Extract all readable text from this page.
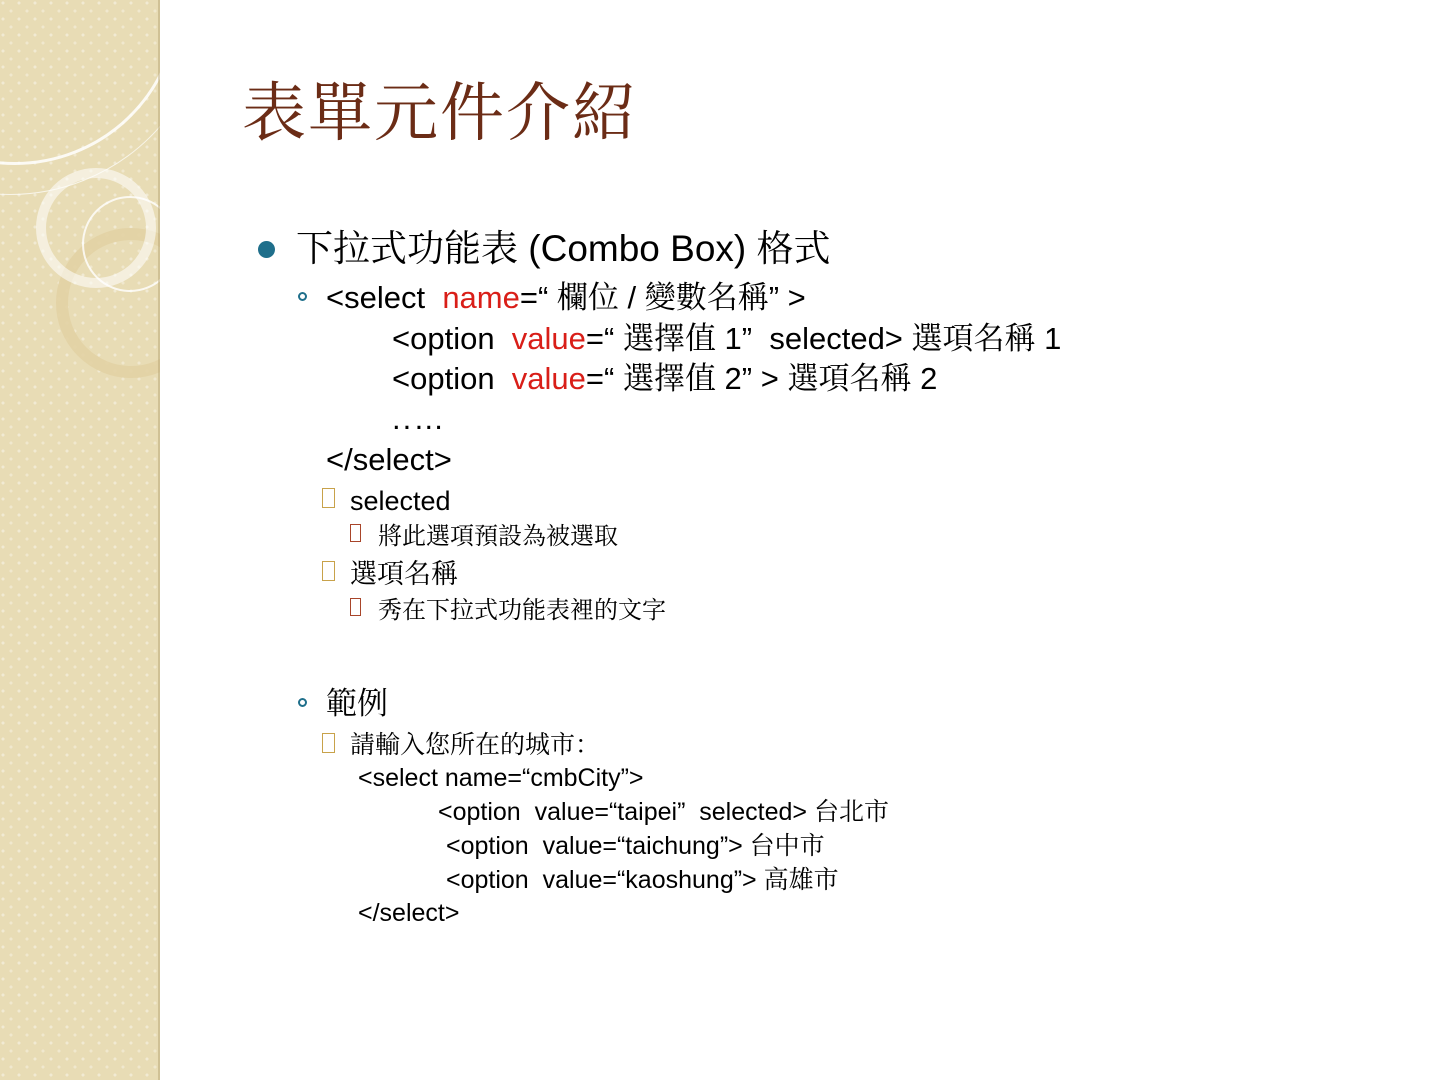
表單元件介紹
下拉式功能表 (Combo Box) 格式
<select  name=“ 欄位 / 變數名稱” >
<option  value=“ 選擇值 1”  selected> 選項名稱 1
<option  value=“ 選擇值 2” > 選項名稱 2
..…
</select>
selected
將此選項預設為被選取
選項名稱
秀在下拉式功能表裡的文字
範例
請輸入您所在的城市：
<select name=“cmbCity”>
<option  value=“taipei”  selected> 台北市
<option  value=“taichung”> 台中市
<option  value=“kaoshung”> 高雄市
</select>
